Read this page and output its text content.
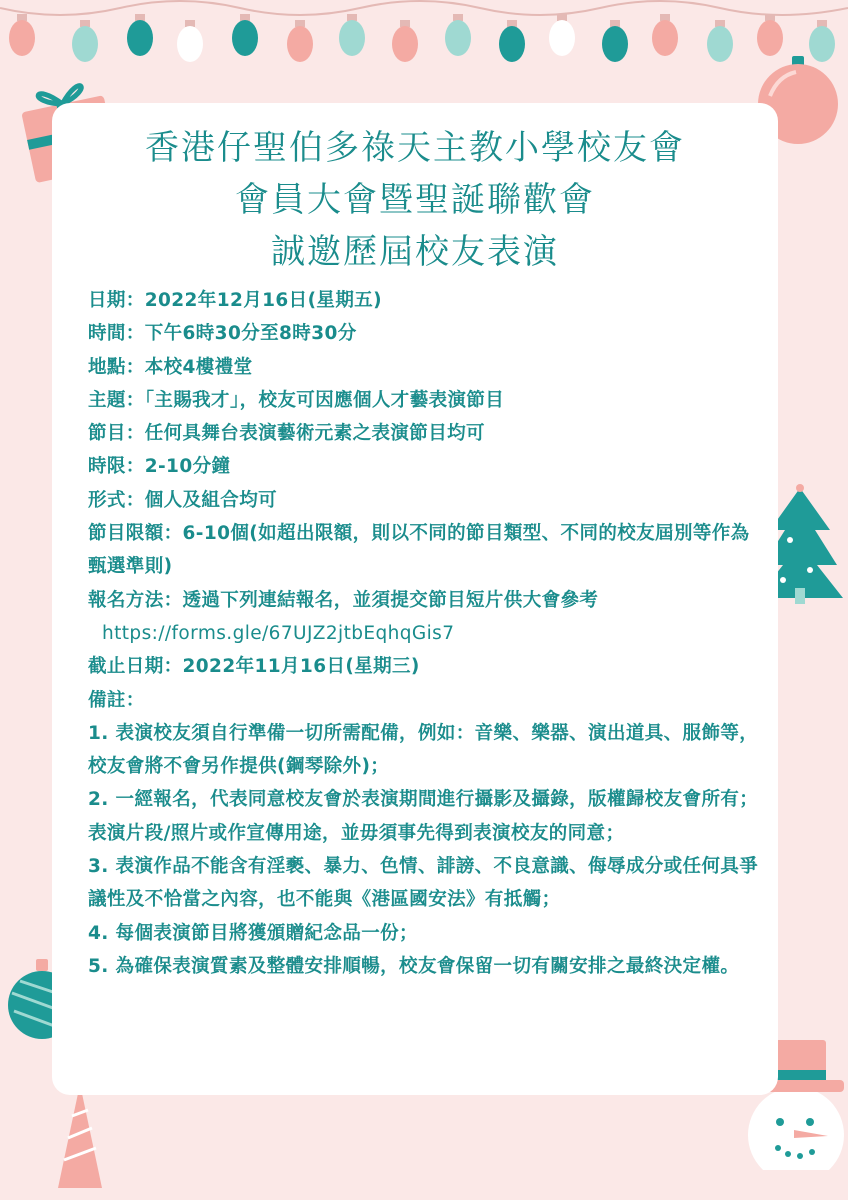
香港仔聖伯多祿天主教小學校友會
會員大會暨聖誕聯歡會
誠邀歷屆校友表演
日期：2022年12月16日(星期五)
時間：下午6時30分至8時30分
地點：本校4樓禮堂
主題：「主賜我才」，校友可因應個人才藝表演節目
節目：任何具舞台表演藝術元素之表演節目均可
時限：2-10分鐘
形式：個人及組合均可
節目限額：6-10個(如超出限額，則以不同的節目類型、不同的校友屆別等作為甄選準則)
報名方法：透過下列連結報名，並須提交節目短片供大會參考
https://forms.gle/67UJZ2jtbEqhqGis7
截止日期：2022年11月16日(星期三)
備註：
1. 表演校友須自行準備一切所需配備，例如：音樂、樂器、演出道具、服飾等，校友會將不會另作提供(鋼琴除外)；
2. 一經報名，代表同意校友會於表演期間進行攝影及攝錄，版權歸校友會所有；表演片段/照片或作宣傳用途，並毋須事先得到表演校友的同意；
3. 表演作品不能含有淫褻、暴力、色情、誹謗、不良意識、侮辱成分或任何具爭議性及不恰當之內容，也不能與《港區國安法》有抵觸；
4. 每個表演節目將獲頒贈紀念品一份；
5. 為確保表演質素及整體安排順暢，校友會保留一切有關安排之最終決定權。
